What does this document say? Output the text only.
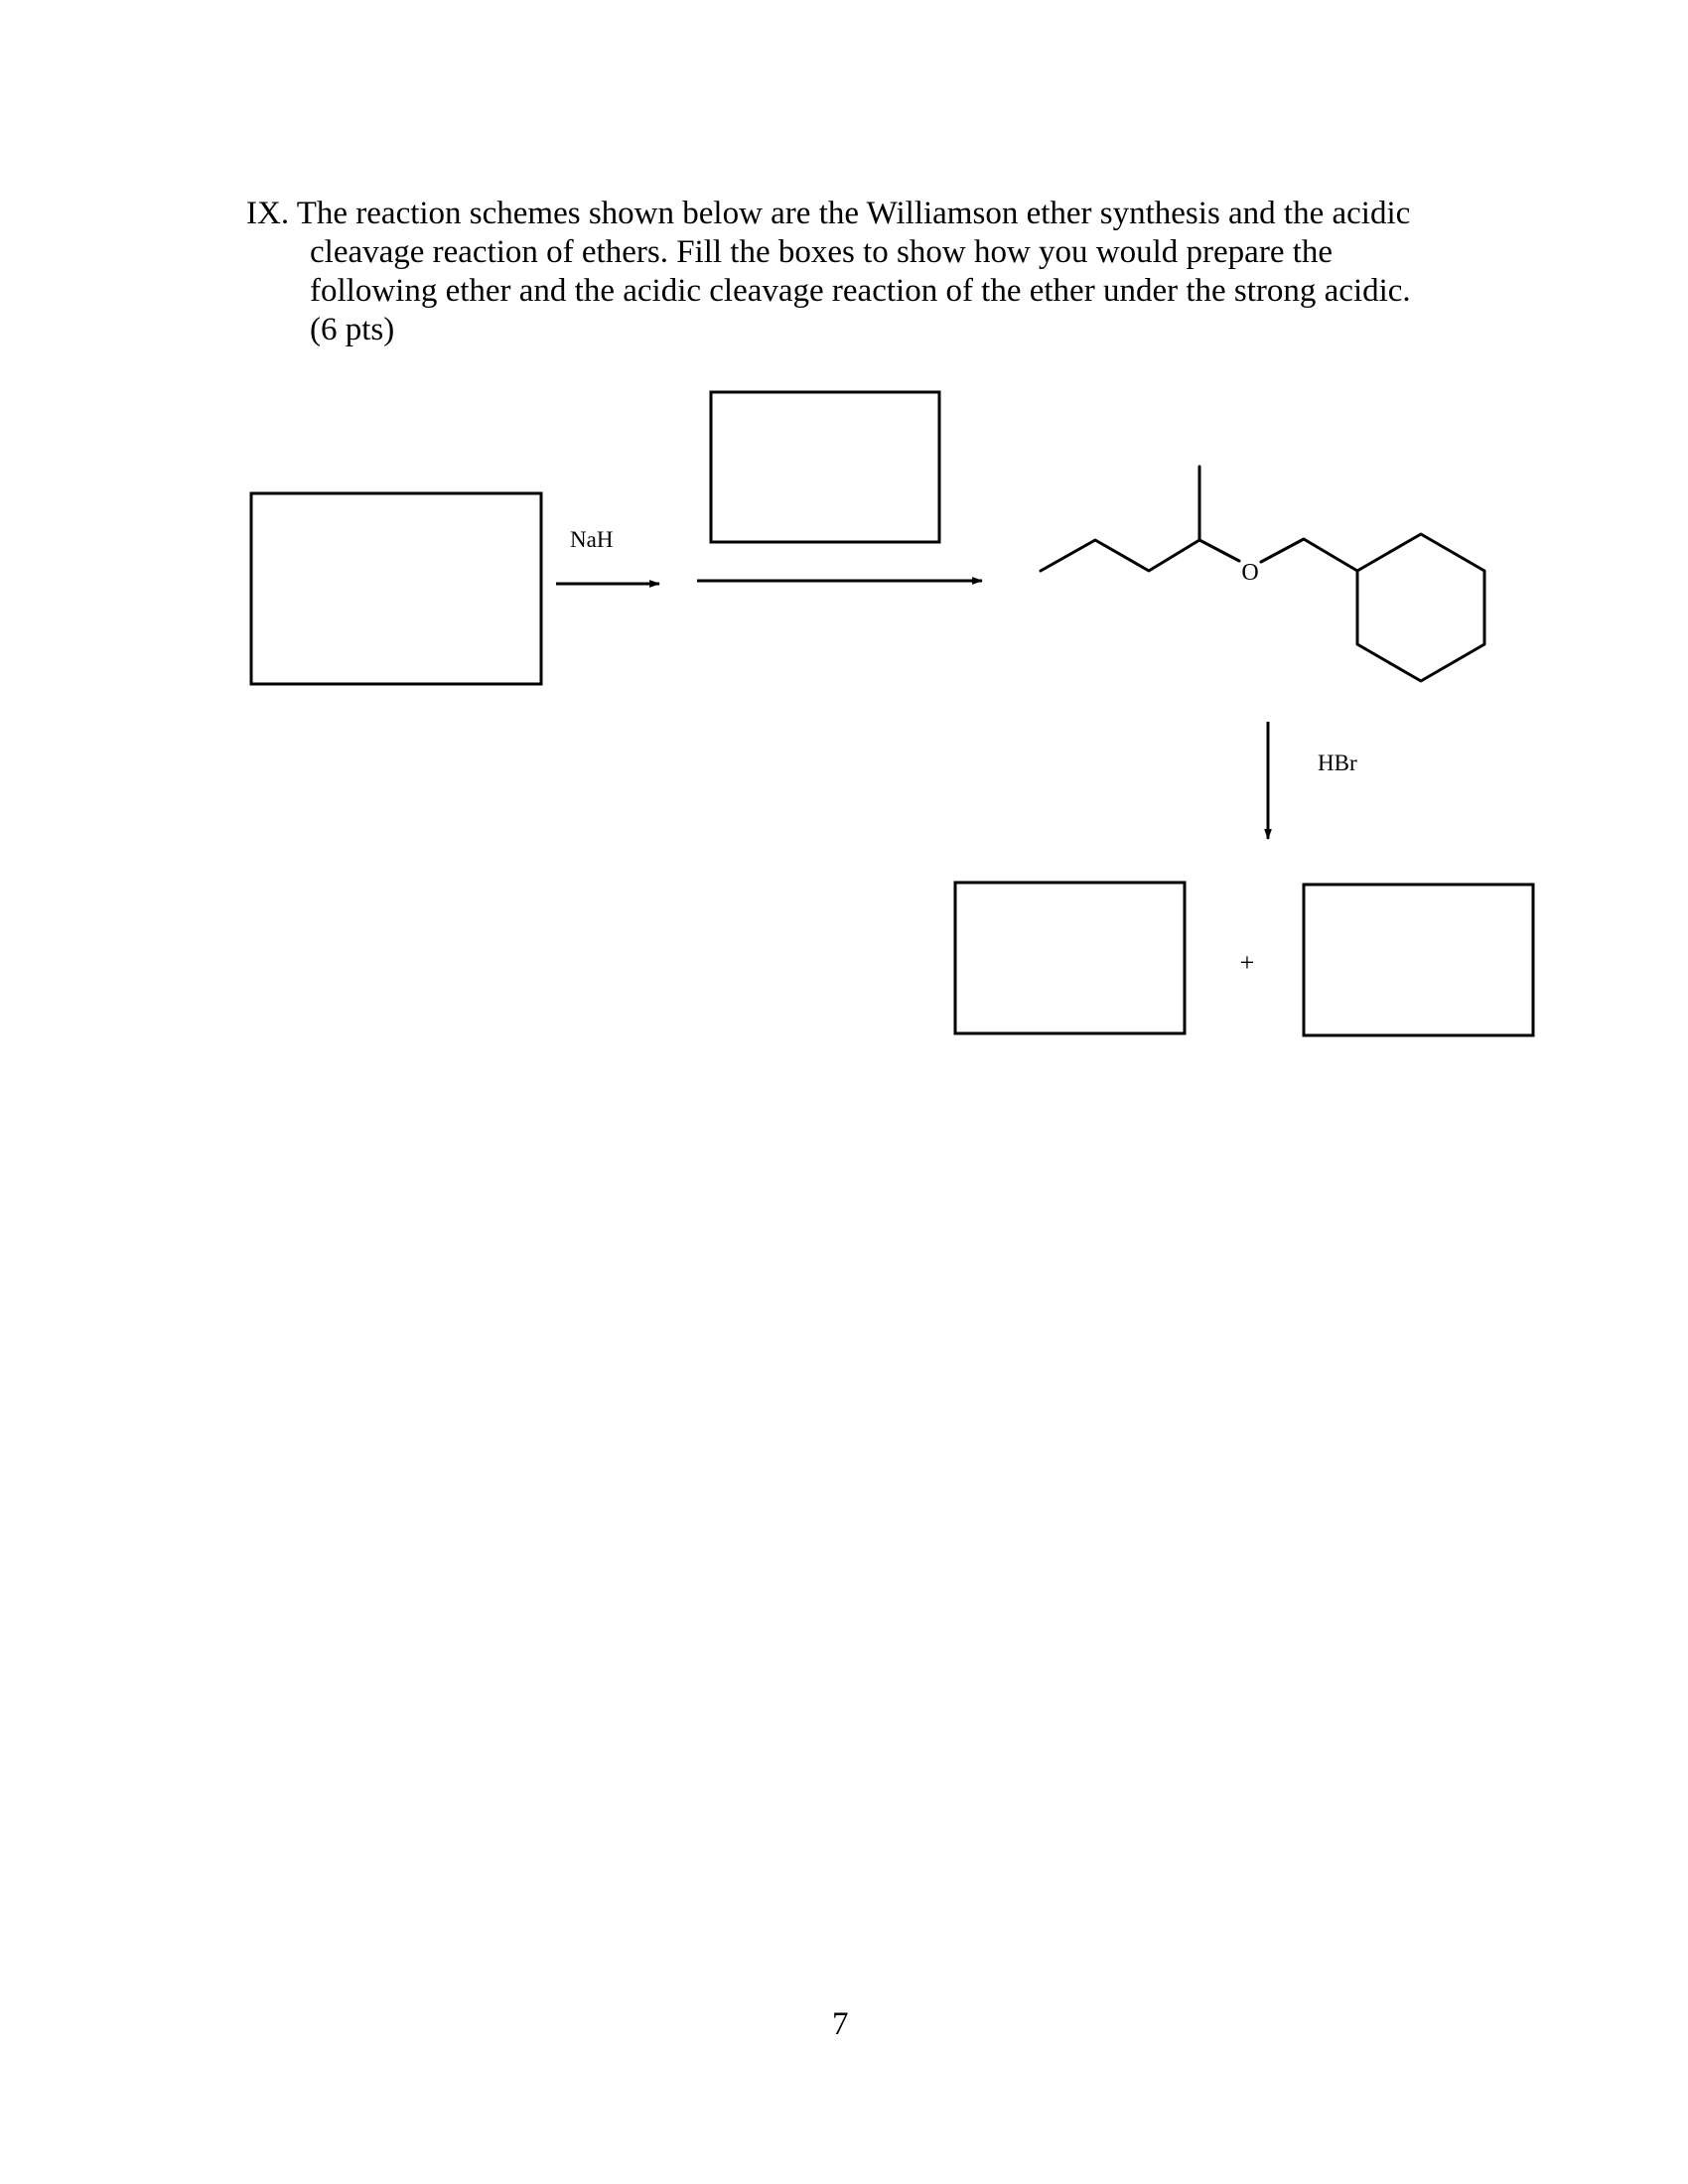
IX. The reaction schemes shown below are the Williamson ether synthesis and the acidic
cleavage reaction of ethers. Fill the boxes to show how you would prepare the
following ether and the acidic cleavage reaction of the ether under the strong acidic.
(6 pts)
NaH
HBr
O
+
7
